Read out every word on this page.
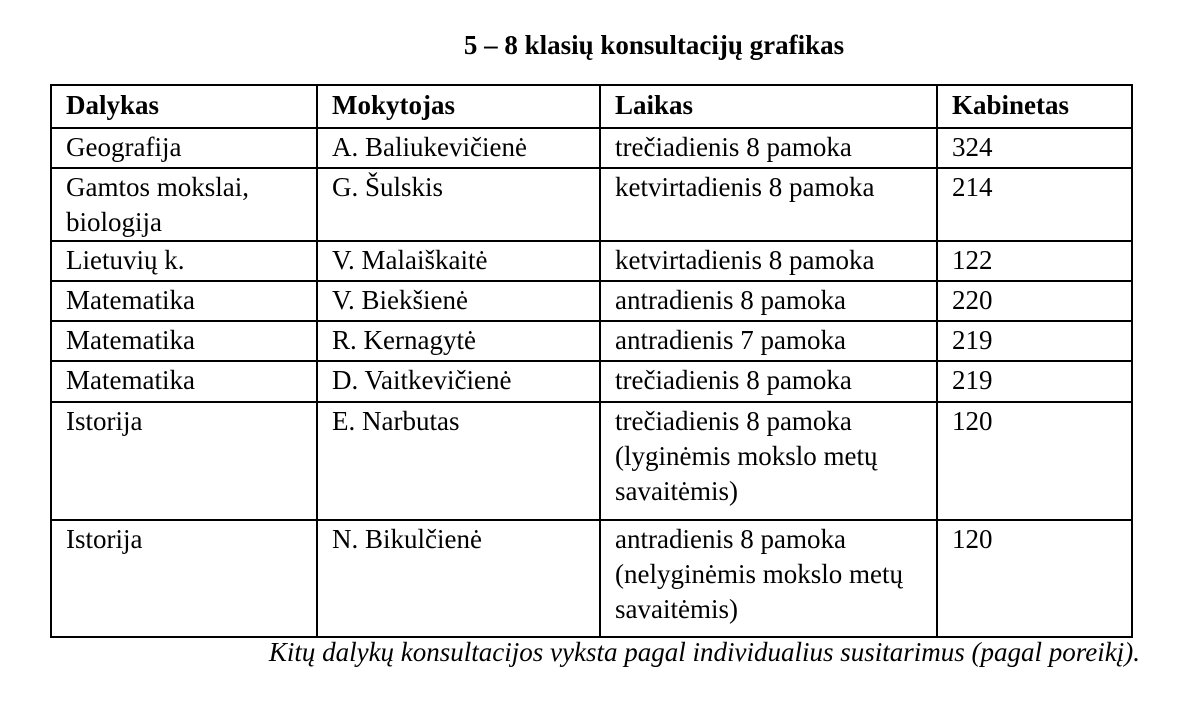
5 – 8 klasių konsultacijų grafikas
Dalykas	Mokytojas	Laikas	Kabinetas
Geografija	A. Baliukevičienė	trečiadienis 8 pamoka	324
Gamtos mokslai, biologija	G. Šulskis	ketvirtadienis 8 pamoka	214
Lietuvių k.	V. Malaiškaitė	ketvirtadienis 8 pamoka	122
Matematika	V. Biekšienė	antradienis 8 pamoka	220
Matematika	R. Kernagytė	antradienis 7 pamoka	219
Matematika	D. Vaitkevičienė	trečiadienis 8 pamoka	219
Istorija	E. Narbutas	trečiadienis 8 pamoka (lyginėmis mokslo metų savaitėmis)	120
Istorija	N. Bikulčienė	antradienis 8 pamoka (nelyginėmis mokslo metų savaitėmis)	120
Kitų dalykų konsultacijos vyksta pagal individualius susitarimus (pagal poreikį).
